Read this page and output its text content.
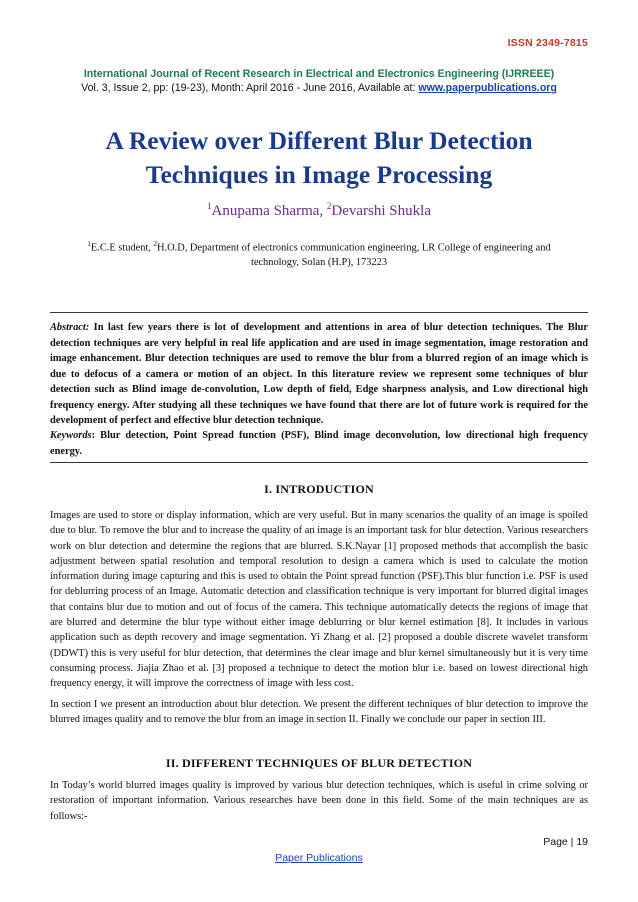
ISSN 2349-7815
International Journal of Recent Research in Electrical and Electronics Engineering (IJRREEE)
Vol. 3, Issue 2, pp: (19-23), Month: April 2016 - June 2016, Available at: www.paperpublications.org
A Review over Different Blur Detection
Techniques in Image Processing
$^1$Anupama Sharma, $^2$Devarshi Shukla
$^1$E.C.E student, $^2$H.O.D, Department of electronics communication engineering, LR College of engineering and
technology, Solan (H.P), 173223
Abstract: In last few years there is lot of development and attentions in area of blur detection techniques. The Blur detection techniques are very helpful in real life application and are used in image segmentation, image restoration and image enhancement. Blur detection techniques are used to remove the blur from a blurred region of an image which is due to defocus of a camera or motion of an object. In this literature review we represent some techniques of blur detection such as Blind image de-convolution, Low depth of field, Edge sharpness analysis, and Low directional high frequency energy. After studying all these techniques we have found that there are lot of future work is required for the development of perfect and effective blur detection technique.
Keywords: Blur detection, Point Spread function (PSF), Blind image deconvolution, low directional high frequency energy.
I. INTRODUCTION

Images are used to store or display information, which are very useful. But in many scenarios the quality of an image is spoiled due to blur. To remove the blur and to increase the quality of an image is an important task for blur detection. Various researchers work on blur detection and determine the regions that are blurred. S.K.Nayar [1] proposed methods that accomplish the basic adjustment between spatial resolution and temporal resolution to design a camera which is used to calculate the motion information during image capturing and this is used to obtain the Point spread function (PSF).This blur function i.e. PSF is used for deblurring process of an Image. Automatic detection and classification technique is very important for blurred digital images that contains blur due to motion and out of focus of the camera. This technique automatically detects the regions of image that are blurred and determine the blur type without either image deblurring or blur kernel estimation [8]. It includes in various application such as depth recovery and image segmentation. Yi Zhang et al. [2] proposed a double discrete wavelet transform (DDWT) this is very useful for blur detection, that determines the clear image and blur kernel simultaneously but it is very time consuming process. Jiajia Zhao et al. [3] proposed a technique to detect the motion blur i.e. based on lowest directional high frequency energy, it will improve the correctness of image with less cost.

In section I we present an introduction about blur detection. We present the different techniques of blur detection to improve the blurred images quality and to remove the blur from an image in section II. Finally we conclude our paper in section III.

II. DIFFERENT TECHNIQUES OF BLUR DETECTION

In Today’s world blurred images quality is improved by various blur detection techniques, which is useful in crime solving or restoration of important information. Various researches have been done in this field. Some of the main techniques are as follows:-

Page | 19
Paper Publications
